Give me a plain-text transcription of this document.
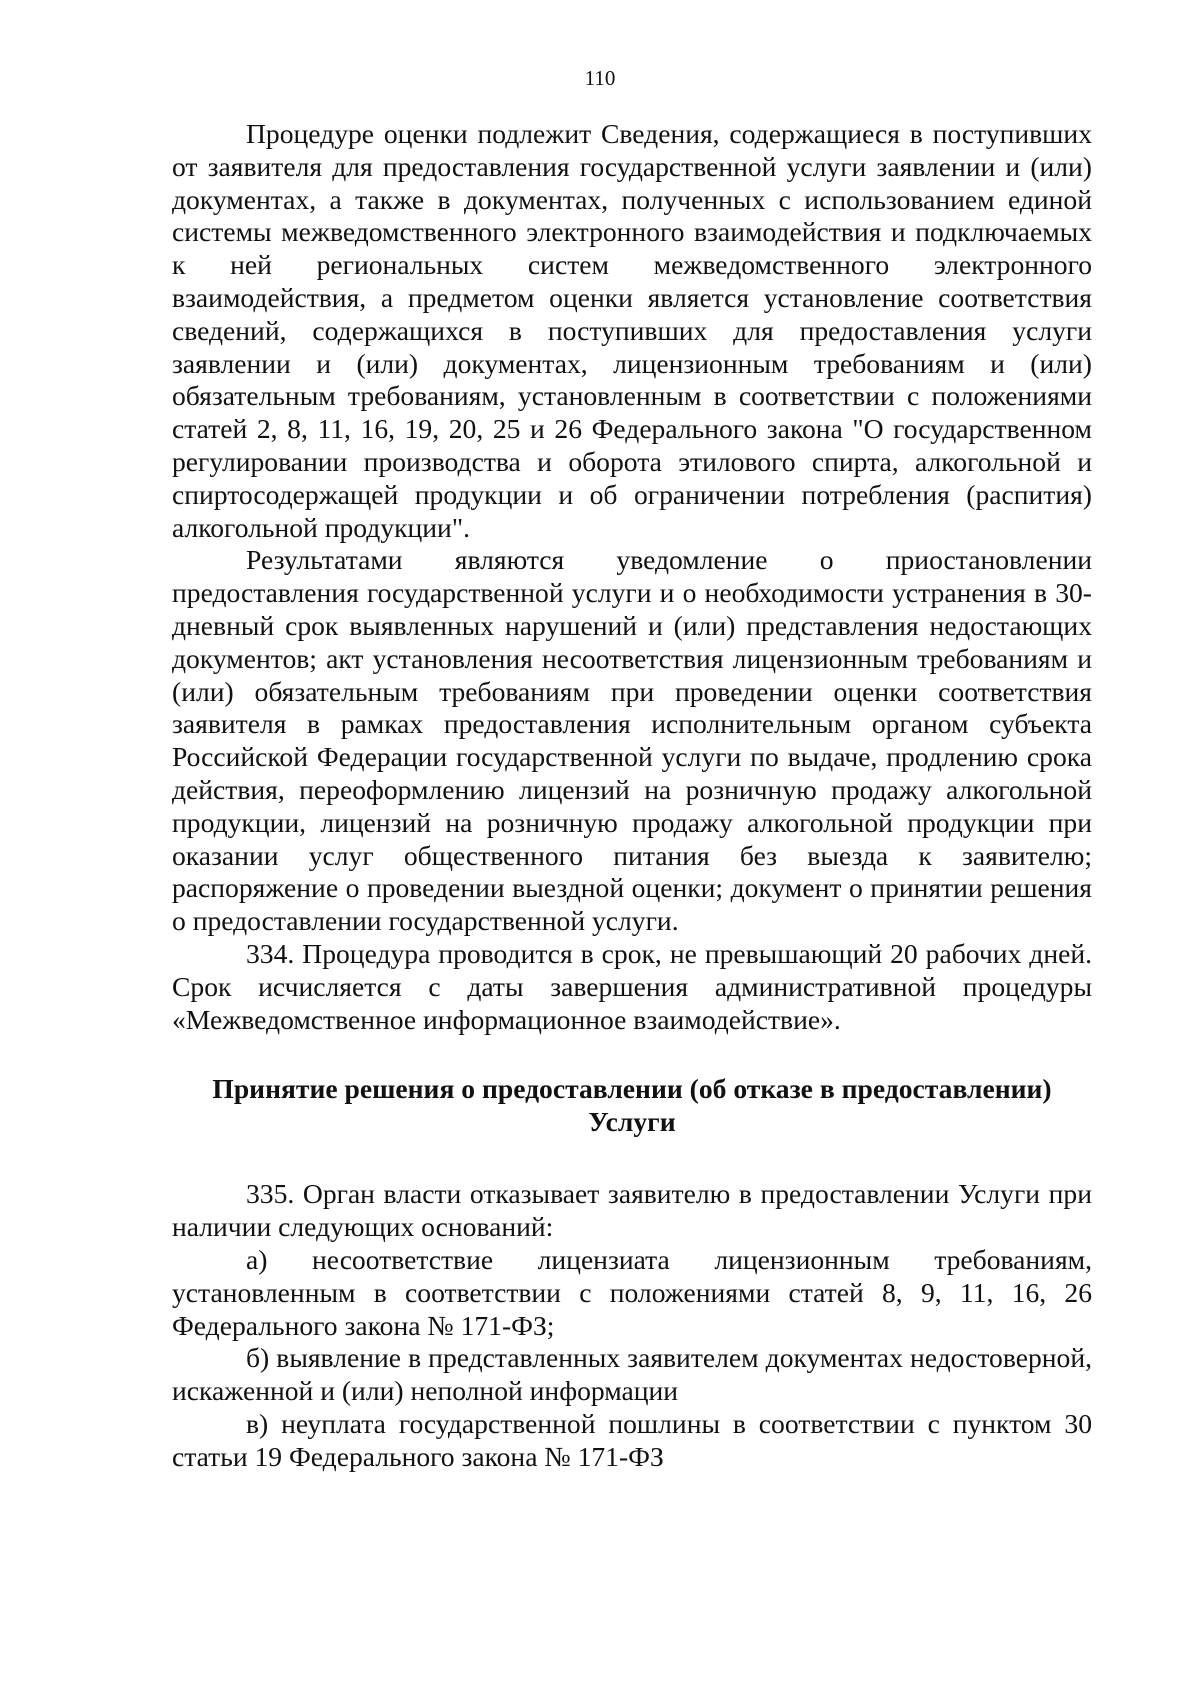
110

Процедуре оценки подлежит Сведения, содержащиеся в поступивших от заявителя для предоставления государственной услуги заявлении и (или) документах, а также в документах, полученных с использованием единой системы межведомственного электронного взаимодействия и подключаемых к ней региональных систем межведомственного электронного взаимодействия, а предметом оценки является установление соответствия сведений, содержащихся в поступивших для предоставления услуги заявлении и (или) документах, лицензионным требованиям и (или) обязательным требованиям, установленным в соответствии с положениями статей 2, 8, 11, 16, 19, 20, 25 и 26 Федерального закона "О государственном регулировании производства и оборота этилового спирта, алкогольной и спиртосодержащей продукции и об ограничении потребления (распития) алкогольной продукции".

Результатами являются уведомление о приостановлении предоставления государственной услуги и о необходимости устранения в 30-дневный срок выявленных нарушений и (или) представления недостающих документов; акт установления несоответствия лицензионным требованиям и (или) обязательным требованиям при проведении оценки соответствия заявителя в рамках предоставления исполнительным органом субъекта Российской Федерации государственной услуги по выдаче, продлению срока действия, переоформлению лицензий на розничную продажу алкогольной продукции, лицензий на розничную продажу алкогольной продукции при оказании услуг общественного питания без выезда к заявителю; распоряжение о проведении выездной оценки; документ о принятии решения о предоставлении государственной услуги.

334. Процедура проводится в срок, не превышающий 20 рабочих дней. Срок исчисляется с даты завершения административной процедуры «Межведомственное информационное взаимодействие».

Принятие решения о предоставлении (об отказе в предоставлении)
Услуги

335. Орган власти отказывает заявителю в предоставлении Услуги при наличии следующих оснований:

а) несоответствие лицензиата лицензионным требованиям, установленным в соответствии с положениями статей 8, 9, 11, 16, 26 Федерального закона № 171-ФЗ;

б) выявление в представленных заявителем документах недостоверной, искаженной и (или) неполной информации

в) неуплата государственной пошлины в соответствии с пунктом 30 статьи 19 Федерального закона № 171-ФЗ
